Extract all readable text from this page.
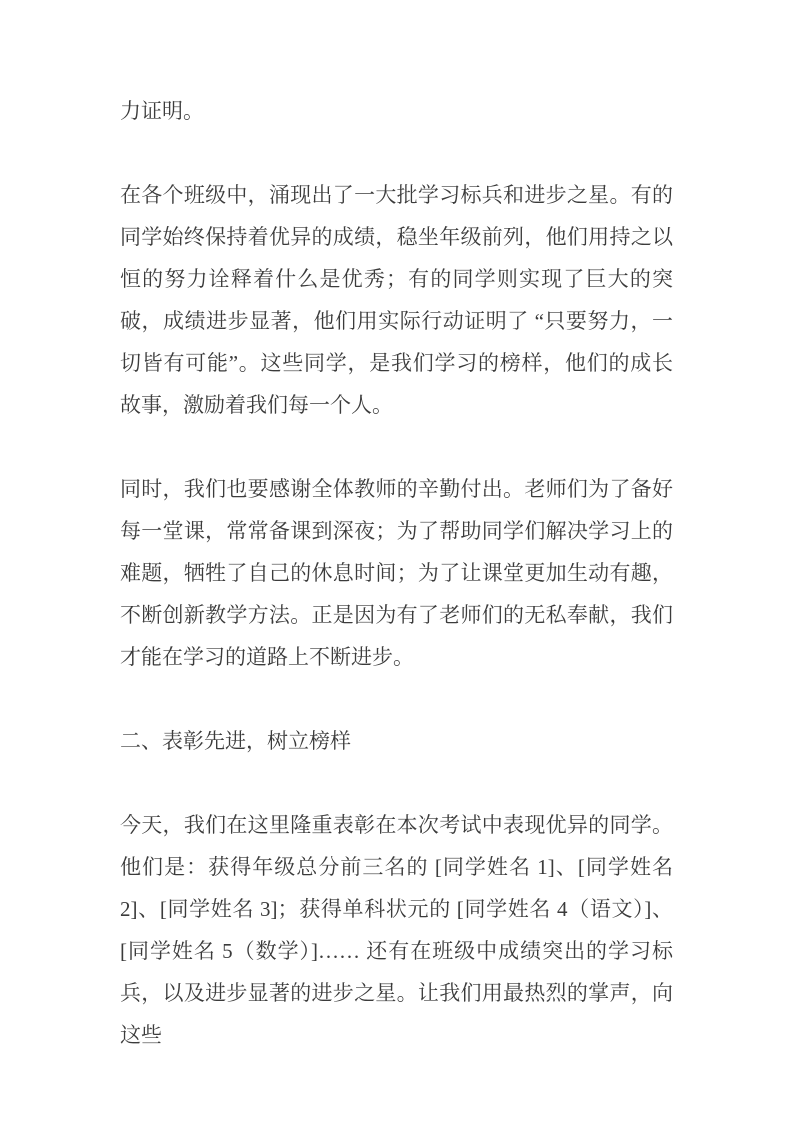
力证明。

在各个班级中，涌现出了一大批学习标兵和进步之星。有的同学始终保持着优异的成绩，稳坐年级前列，他们用持之以恒的努力诠释着什么是优秀；有的同学则实现了巨大的突破，成绩进步显著，他们用实际行动证明了 “只要努力，一切皆有可能”。这些同学，是我们学习的榜样，他们的成长故事，激励着我们每一个人。

同时，我们也要感谢全体教师的辛勤付出。老师们为了备好每一堂课，常常备课到深夜；为了帮助同学们解决学习上的难题，牺牲了自己的休息时间；为了让课堂更加生动有趣，不断创新教学方法。正是因为有了老师们的无私奉献，我们才能在学习的道路上不断进步。

二、表彰先进，树立榜样

今天，我们在这里隆重表彰在本次考试中表现优异的同学。他们是：获得年级总分前三名的 [同学姓名 1]、[同学姓名 2]、[同学姓名 3]；获得单科状元的 [同学姓名 4（语文）]、[同学姓名 5（数学）]…… 还有在班级中成绩突出的学习标兵，以及进步显著的进步之星。让我们用最热烈的掌声，向这些
